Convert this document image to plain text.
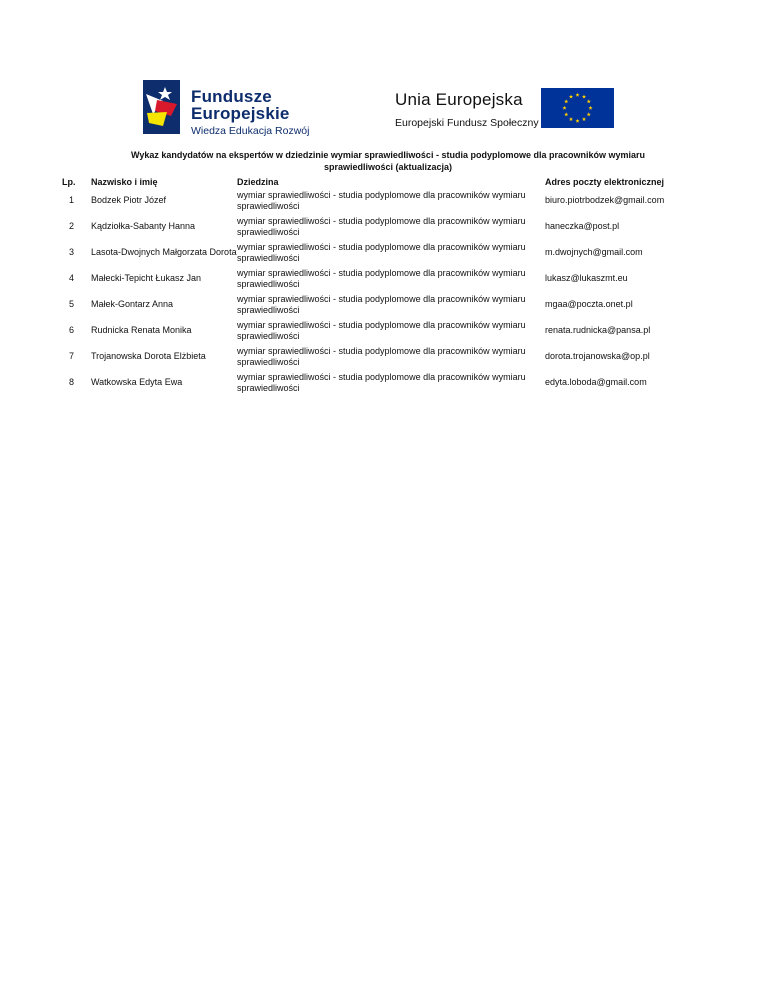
Fundusze
Europejskie
Wiedza Edukacja Rozwój
Unia Europejska
Europejski Fundusz Społeczny
Wykaz kandydatów na ekspertów w dziedzinie wymiar sprawiedliwości - studia podyplomowe dla pracowników wymiaru sprawiedliwości (aktualizacja)
Lp.	Nazwisko i imię	Dziedzina	Adres poczty elektronicznej
1	Bodzek Piotr Józef	wymiar sprawiedliwości - studia podyplomowe dla pracowników wymiaru sprawiedliwości	biuro.piotrbodzek@gmail.com
2	Kądziołka-Sabanty Hanna	wymiar sprawiedliwości - studia podyplomowe dla pracowników wymiaru sprawiedliwości	haneczka@post.pl
3	Lasota-Dwojnych Małgorzata Dorota	wymiar sprawiedliwości - studia podyplomowe dla pracowników wymiaru sprawiedliwości	m.dwojnych@gmail.com
4	Małecki-Tepicht Łukasz Jan	wymiar sprawiedliwości - studia podyplomowe dla pracowników wymiaru sprawiedliwości	lukasz@lukaszmt.eu
5	Małek-Gontarz Anna	wymiar sprawiedliwości - studia podyplomowe dla pracowników wymiaru sprawiedliwości	mgaa@poczta.onet.pl
6	Rudnicka Renata Monika	wymiar sprawiedliwości - studia podyplomowe dla pracowników wymiaru sprawiedliwości	renata.rudnicka@pansa.pl
7	Trojanowska Dorota Elżbieta	wymiar sprawiedliwości - studia podyplomowe dla pracowników wymiaru sprawiedliwości	dorota.trojanowska@op.pl
8	Watkowska Edyta Ewa	wymiar sprawiedliwości - studia podyplomowe dla pracowników wymiaru sprawiedliwości	edyta.loboda@gmail.com
